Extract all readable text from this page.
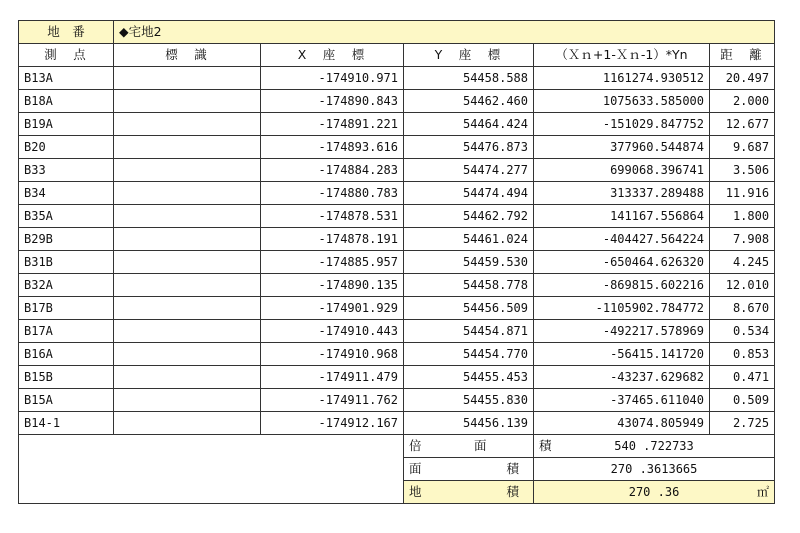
地　番	◆宅地2				
測　点	標　識	X　座　標	Y　座　標	（Ｘｎ+1-Ｘｎ-1）*Yn	距　離
B13A		-174910.971	54458.588	1161274.930512	20.497
B18A		-174890.843	54462.460	1075633.585000	2.000
B19A		-174891.221	54464.424	-151029.847752	12.677
B20		-174893.616	54476.873	377960.544874	9.687
B33		-174884.283	54474.277	699068.396741	3.506
B34		-174880.783	54474.494	313337.289488	11.916
B35A		-174878.531	54462.792	141167.556864	1.800
B29B		-174878.191	54461.024	-404427.564224	7.908
B31B		-174885.957	54459.530	-650464.626320	4.245
B32A		-174890.135	54458.778	-869815.602216	12.010
B17B		-174901.929	54456.509	-1105902.784772	8.670
B17A		-174910.443	54454.871	-492217.578969	0.534
B16A		-174910.968	54454.770	-56415.141720	0.853
B15B		-174911.479	54455.453	-43237.629682	0.471
B15A		-174911.762	54455.830	-37465.611040	0.509
B14-1		-174912.167	54456.139	43074.805949	2.725
			倍　面　積	540 .722733	
			面　　積	270 .3613665	
			地　　積	270 .36 ㎡	
